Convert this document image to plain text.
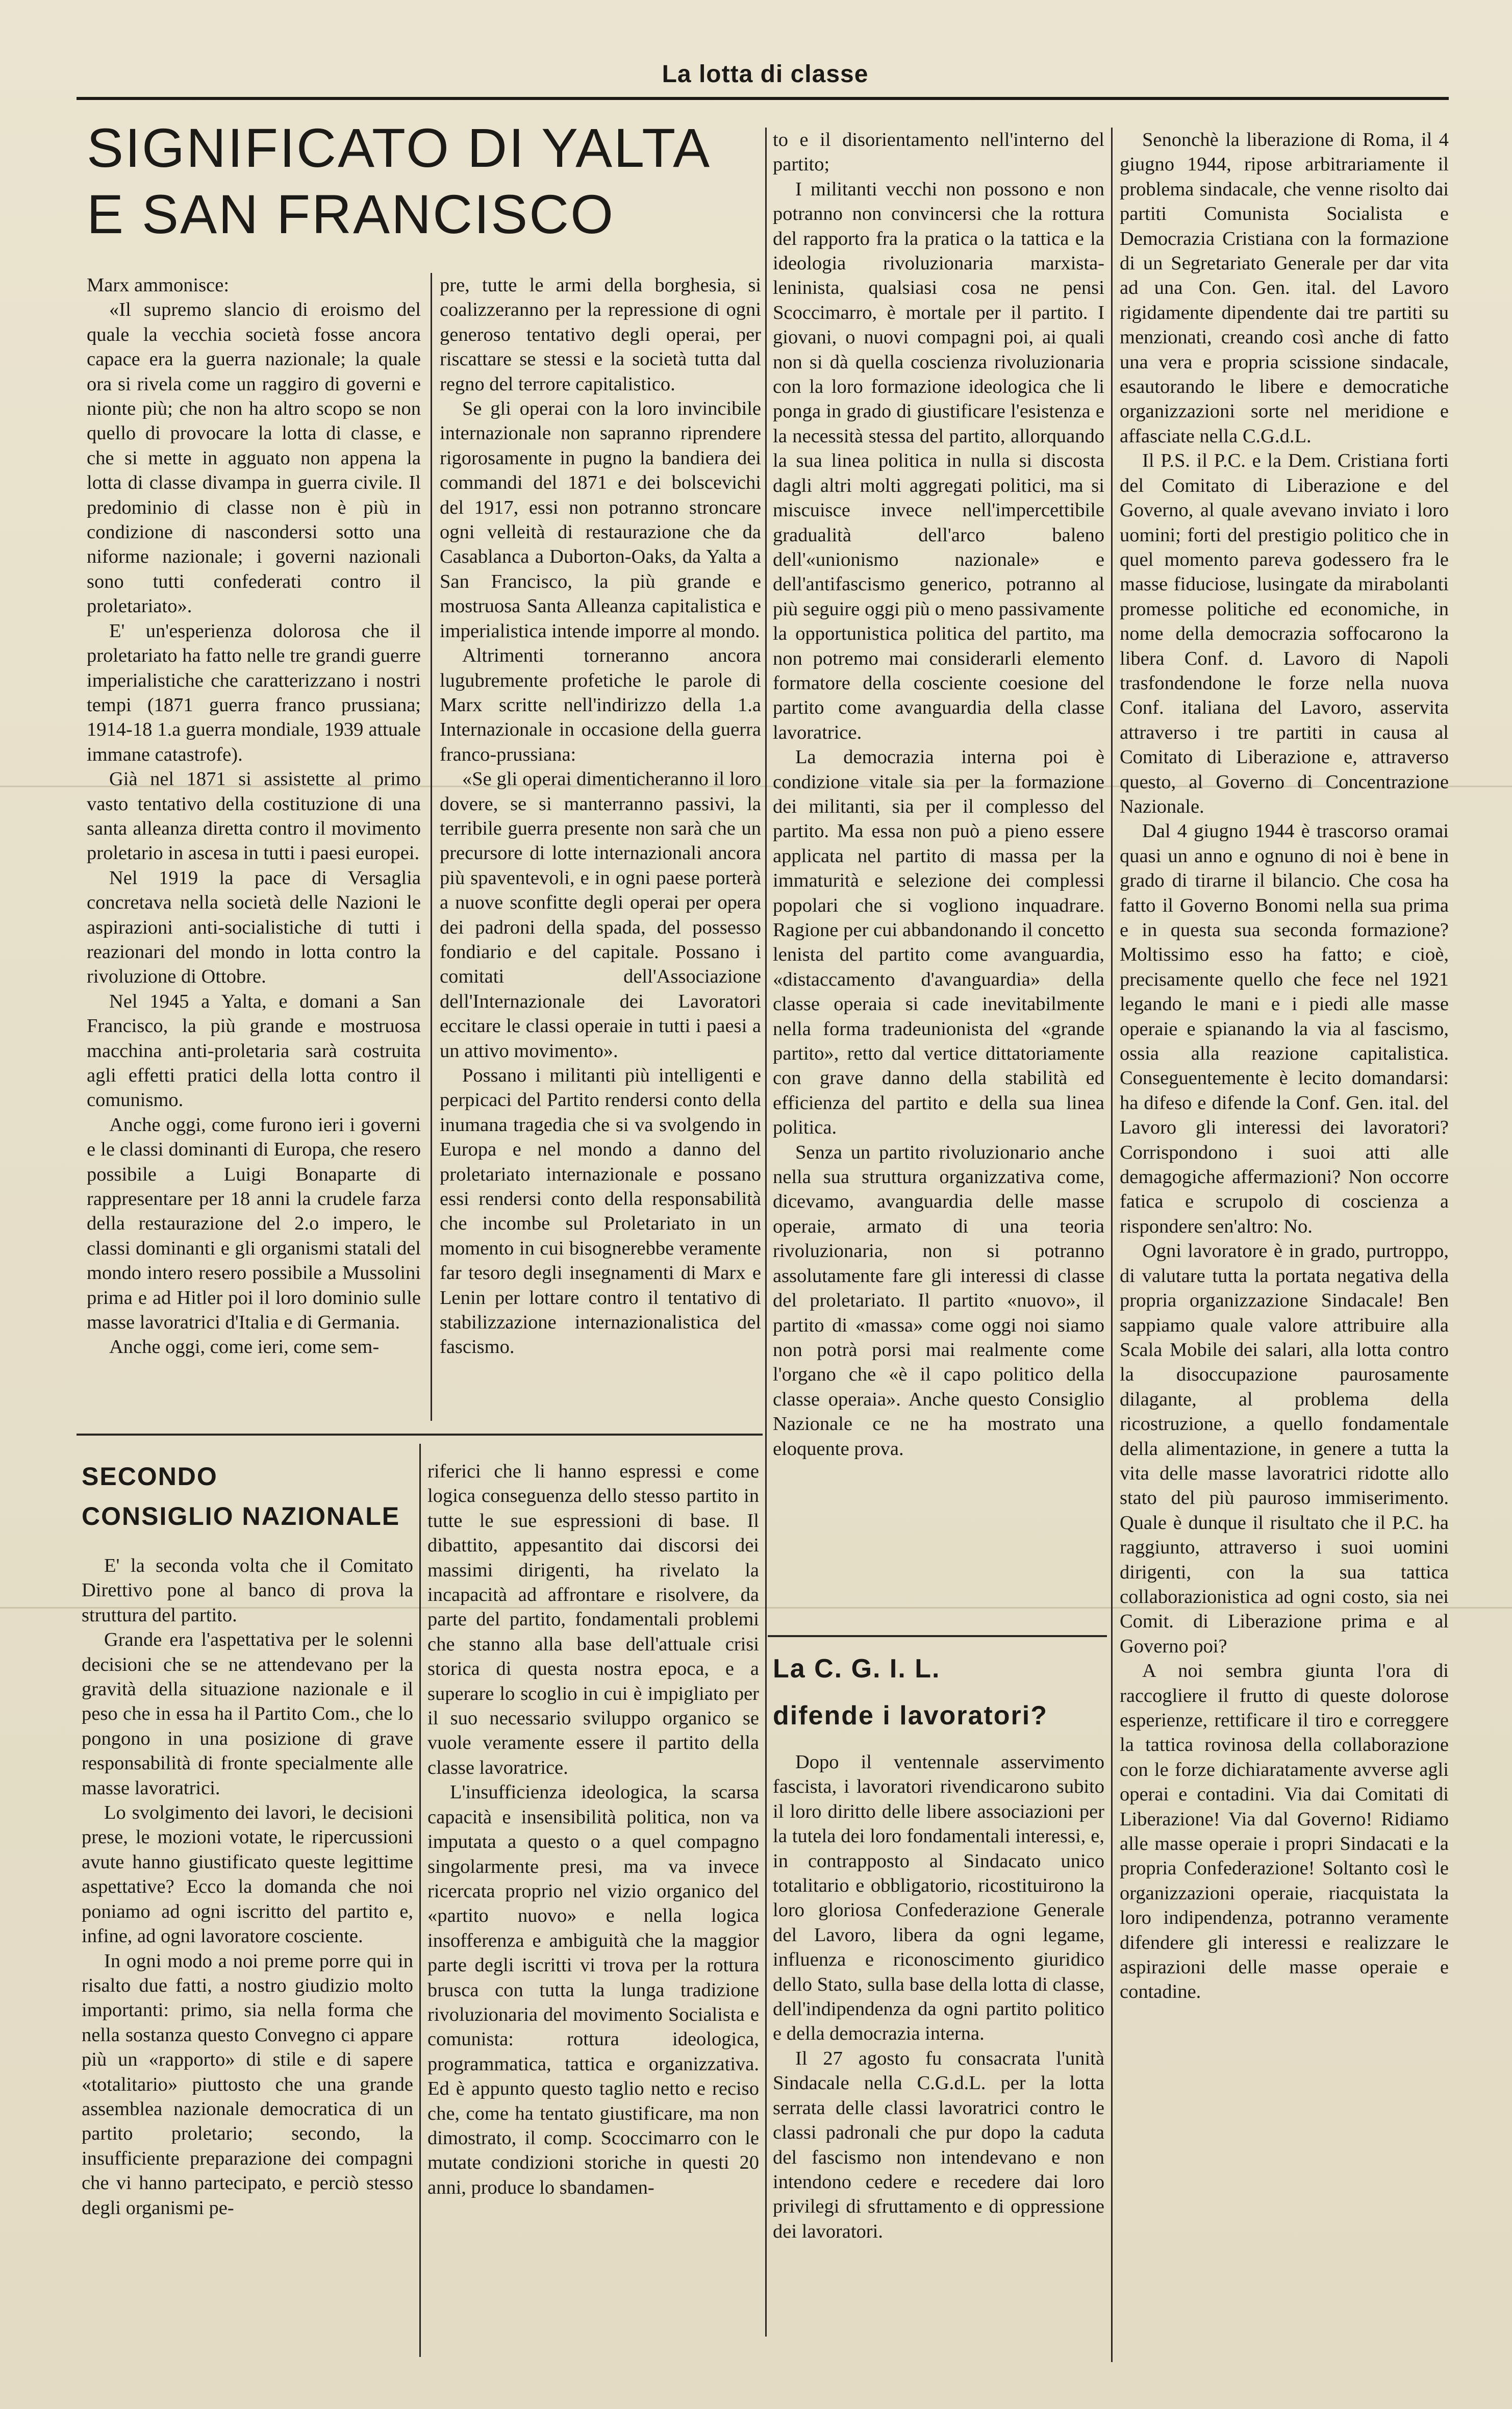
La lotta di classe
SIGNIFICATO DI YALTA
E SAN FRANCISCO

Marx ammonisce:

«Il supremo slancio di eroismo del quale la vecchia società fosse ancora capace era la guerra nazionale; la quale ora si rivela come un raggiro di governi e nionte più; che non ha altro scopo se non quello di provocare la lotta di classe, e che si mette in agguato non appena la lotta di classe divampa in guerra civile. Il predominio di classe non è più in condizione di nascondersi sotto una niforme nazionale; i governi nazionali sono tutti confederati contro il proletariato».

E' un'esperienza dolorosa che il proletariato ha fatto nelle tre grandi guerre imperialistiche che caratterizzano i nostri tempi (1871 guerra franco prussiana; 1914-18 1.a guerra mondiale, 1939 attuale immane catastrofe).

Già nel 1871 si assistette al primo vasto tentativo della costituzione di una santa alleanza diretta contro il movimento proletario in ascesa in tutti i paesi europei.

Nel 1919 la pace di Versaglia concretava nella società delle Nazioni le aspirazioni anti-socialistiche di tutti i reazionari del mondo in lotta contro la rivoluzione di Ottobre.

Nel 1945 a Yalta, e domani a San Francisco, la più grande e mostruosa macchina anti-proletaria sarà costruita agli effetti pratici della lotta contro il comunismo.

Anche oggi, come furono ieri i governi e le classi dominanti di Europa, che resero possibile a Luigi Bonaparte di rappresentare per 18 anni la crudele farza della restaurazione del 2.o impero, le classi dominanti e gli organismi statali del mondo intero resero possibile a Mussolini prima e ad Hitler poi il loro dominio sulle masse lavoratrici d'Italia e di Germania.

Anche oggi, come ieri, come sem-

pre, tutte le armi della borghesia, si coalizzeranno per la repressione di ogni generoso tentativo degli operai, per riscattare se stessi e la società tutta dal regno del terrore capitalistico.

Se gli operai con la loro invincibile internazionale non sapranno riprendere rigorosamente in pugno la bandiera dei commandi del 1871 e dei bolscevichi del 1917, essi non potranno stroncare ogni velleità di restaurazione che da Casablanca a Duborton-Oaks, da Yalta a San Francisco, la più grande e mostruosa Santa Alleanza capitalistica e imperialistica intende imporre al mondo.

Altrimenti torneranno ancora lugubremente profetiche le parole di Marx scritte nell'indirizzo della 1.a Internazionale in occasione della guerra franco-prussiana:

«Se gli operai dimenticheranno il loro dovere, se si manterranno passivi, la terribile guerra presente non sarà che un precursore di lotte internazionali ancora più spaventevoli, e in ogni paese porterà a nuove sconfitte degli operai per opera dei padroni della spada, del possesso fondiario e del capitale. Possano i comitati dell'Associazione dell'Internazionale dei Lavoratori eccitare le classi operaie in tutti i paesi a un attivo movimento».

Possano i militanti più intelligenti e perpicaci del Partito rendersi conto della inumana tragedia che si va svolgendo in Europa e nel mondo a danno del proletariato internazionale e possano essi rendersi conto della responsabilità che incombe sul Proletariato in un momento in cui bisognerebbe veramente far tesoro degli insegnamenti di Marx e Lenin per lottare contro il tentativo di stabilizzazione internazionalistica del fascismo.

SECONDO
CONSIGLIO NAZIONALE

E' la seconda volta che il Comitato Direttivo pone al banco di prova la struttura del partito.

Grande era l'aspettativa per le solenni decisioni che se ne attendevano per la gravità della situazione nazionale e il peso che in essa ha il Partito Com., che lo pongono in una posizione di grave responsabilità di fronte specialmente alle masse lavoratrici.

Lo svolgimento dei lavori, le decisioni prese, le mozioni votate, le ripercussioni avute hanno giustificato queste legittime aspettative? Ecco la domanda che noi poniamo ad ogni iscritto del partito e, infine, ad ogni lavoratore cosciente.

In ogni modo a noi preme porre qui in risalto due fatti, a nostro giudizio molto importanti: primo, sia nella forma che nella sostanza questo Convegno ci appare più un «rapporto» di stile e di sapere «totalitario» piuttosto che una grande assemblea nazionale democratica di un partito proletario; secondo, la insufficiente preparazione dei compagni che vi hanno partecipato, e perciò stesso degli organismi pe-

riferici che li hanno espressi e come logica conseguenza dello stesso partito in tutte le sue espressioni di base. Il dibattito, appesantito dai discorsi dei massimi dirigenti, ha rivelato la incapacità ad affrontare e risolvere, da parte del partito, fondamentali problemi che stanno alla base dell'attuale crisi storica di questa nostra epoca, e a superare lo scoglio in cui è impigliato per il suo necessario sviluppo organico se vuole veramente essere il partito della classe lavoratrice.

L'insufficienza ideologica, la scarsa capacità e insensibilità politica, non va imputata a questo o a quel compagno singolarmente presi, ma va invece ricercata proprio nel vizio organico del «partito nuovo» e nella logica insofferenza e ambiguità che la maggior parte degli iscritti vi trova per la rottura brusca con tutta la lunga tradizione rivoluzionaria del movimento Socialista e comunista: rottura ideologica, programmatica, tattica e organizzativa. Ed è appunto questo taglio netto e reciso che, come ha tentato giustificare, ma non dimostrato, il comp. Scoccimarro con le mutate condizioni storiche in questi 20 anni, produce lo sbandamen-

to e il disorientamento nell'interno del partito;

I militanti vecchi non possono e non potranno non convincersi che la rottura del rapporto fra la pratica o la tattica e la ideologia rivoluzionaria marxista-leninista, qualsiasi cosa ne pensi Scoccimarro, è mortale per il partito. I giovani, o nuovi compagni poi, ai quali non si dà quella coscienza rivoluzionaria con la loro formazione ideologica che li ponga in grado di giustificare l'esistenza e la necessità stessa del partito, allorquando la sua linea politica in nulla si discosta dagli altri molti aggregati politici, ma si miscuisce invece nell'impercettibile gradualità dell'arco baleno dell'«unionismo nazionale» e dell'antifascismo generico, potranno al più seguire oggi più o meno passivamente la opportunistica politica del partito, ma non potremo mai considerarli elemento formatore della cosciente coesione del partito come avanguardia della classe lavoratrice.

La democrazia interna poi è condizione vitale sia per la formazione dei militanti, sia per il complesso del partito. Ma essa non può a pieno essere applicata nel partito di massa per la immaturità e selezione dei complessi popolari che si vogliono inquadrare. Ragione per cui abbandonando il concetto lenista del partito come avanguardia, «distaccamento d'avanguardia» della classe operaia si cade inevitabilmente nella forma tradeunionista del «grande partito», retto dal vertice dittatoriamente con grave danno della stabilità ed efficienza del partito e della sua linea politica.

Senza un partito rivoluzionario anche nella sua struttura organizzativa come, dicevamo, avanguardia delle masse operaie, armato di una teoria rivoluzionaria, non si potranno assolutamente fare gli interessi di classe del proletariato. Il partito «nuovo», il partito di «massa» come oggi noi siamo non potrà porsi mai realmente come l'organo che «è il capo politico della classe operaia». Anche questo Consiglio Nazionale ce ne ha mostrato una eloquente prova.

La C. G. I. L.
difende i lavoratori?

Dopo il ventennale asservimento fascista, i lavoratori rivendicarono subito il loro diritto delle libere associazioni per la tutela dei loro fondamentali interessi, e, in contrapposto al Sindacato unico totalitario e obbligatorio, ricostituirono la loro gloriosa Confederazione Generale del Lavoro, libera da ogni legame, influenza e riconoscimento giuridico dello Stato, sulla base della lotta di classe, dell'indipendenza da ogni partito politico e della democrazia interna.

Il 27 agosto fu consacrata l'unità Sindacale nella C.G.d.L. per la lotta serrata delle classi lavoratrici contro le classi padronali che pur dopo la caduta del fascismo non intendevano e non intendono cedere e recedere dai loro privilegi di sfruttamento e di oppressione dei lavoratori.

Senonchè la liberazione di Roma, il 4 giugno 1944, ripose arbitrariamente il problema sindacale, che venne risolto dai partiti Comunista Socialista e Democrazia Cristiana con la formazione di un Segretariato Generale per dar vita ad una Con. Gen. ital. del Lavoro rigidamente dipendente dai tre partiti su menzionati, creando così anche di fatto una vera e propria scissione sindacale, esautorando le libere e democratiche organizzazioni sorte nel meridione e affasciate nella C.G.d.L.

Il P.S. il P.C. e la Dem. Cristiana forti del Comitato di Liberazione e del Governo, al quale avevano inviato i loro uomini; forti del prestigio politico che in quel momento pareva godessero fra le masse fiduciose, lusingate da mirabolanti promesse politiche ed economiche, in nome della democrazia soffocarono la libera Conf. d. Lavoro di Napoli trasfondendone le forze nella nuova Conf. italiana del Lavoro, asservita attraverso i tre partiti in causa al Comitato di Liberazione e, attraverso questo, al Governo di Concentrazione Nazionale.

Dal 4 giugno 1944 è trascorso oramai quasi un anno e ognuno di noi è bene in grado di tirarne il bilancio. Che cosa ha fatto il Governo Bonomi nella sua prima e in questa sua seconda formazione? Moltissimo esso ha fatto; e cioè, precisamente quello che fece nel 1921 legando le mani e i piedi alle masse operaie e spianando la via al fascismo, ossia alla reazione capitalistica. Conseguentemente è lecito domandarsi: ha difeso e difende la Conf. Gen. ital. del Lavoro gli interessi dei lavoratori? Corrispondono i suoi atti alle demagogiche affermazioni? Non occorre fatica e scrupolo di coscienza a rispondere sen'altro: No.

Ogni lavoratore è in grado, purtroppo, di valutare tutta la portata negativa della propria organizzazione Sindacale! Ben sappiamo quale valore attribuire alla Scala Mobile dei salari, alla lotta contro la disoccupazione paurosamente dilagante, al problema della ricostruzione, a quello fondamentale della alimentazione, in genere a tutta la vita delle masse lavoratrici ridotte allo stato del più pauroso immiserimento. Quale è dunque il risultato che il P.C. ha raggiunto, attraverso i suoi uomini dirigenti, con la sua tattica collaborazionistica ad ogni costo, sia nei Comit. di Liberazione prima e al Governo poi?

A noi sembra giunta l'ora di raccogliere il frutto di queste dolorose esperienze, rettificare il tiro e correggere la tattica rovinosa della collaborazione con le forze dichiaratamente avverse agli operai e contadini. Via dai Comitati di Liberazione! Via dal Governo! Ridiamo alle masse operaie i propri Sindacati e la propria Confederazione! Soltanto così le organizzazioni operaie, riacquistata la loro indipendenza, potranno veramente difendere gli interessi e realizzare le aspirazioni delle masse operaie e contadine.
